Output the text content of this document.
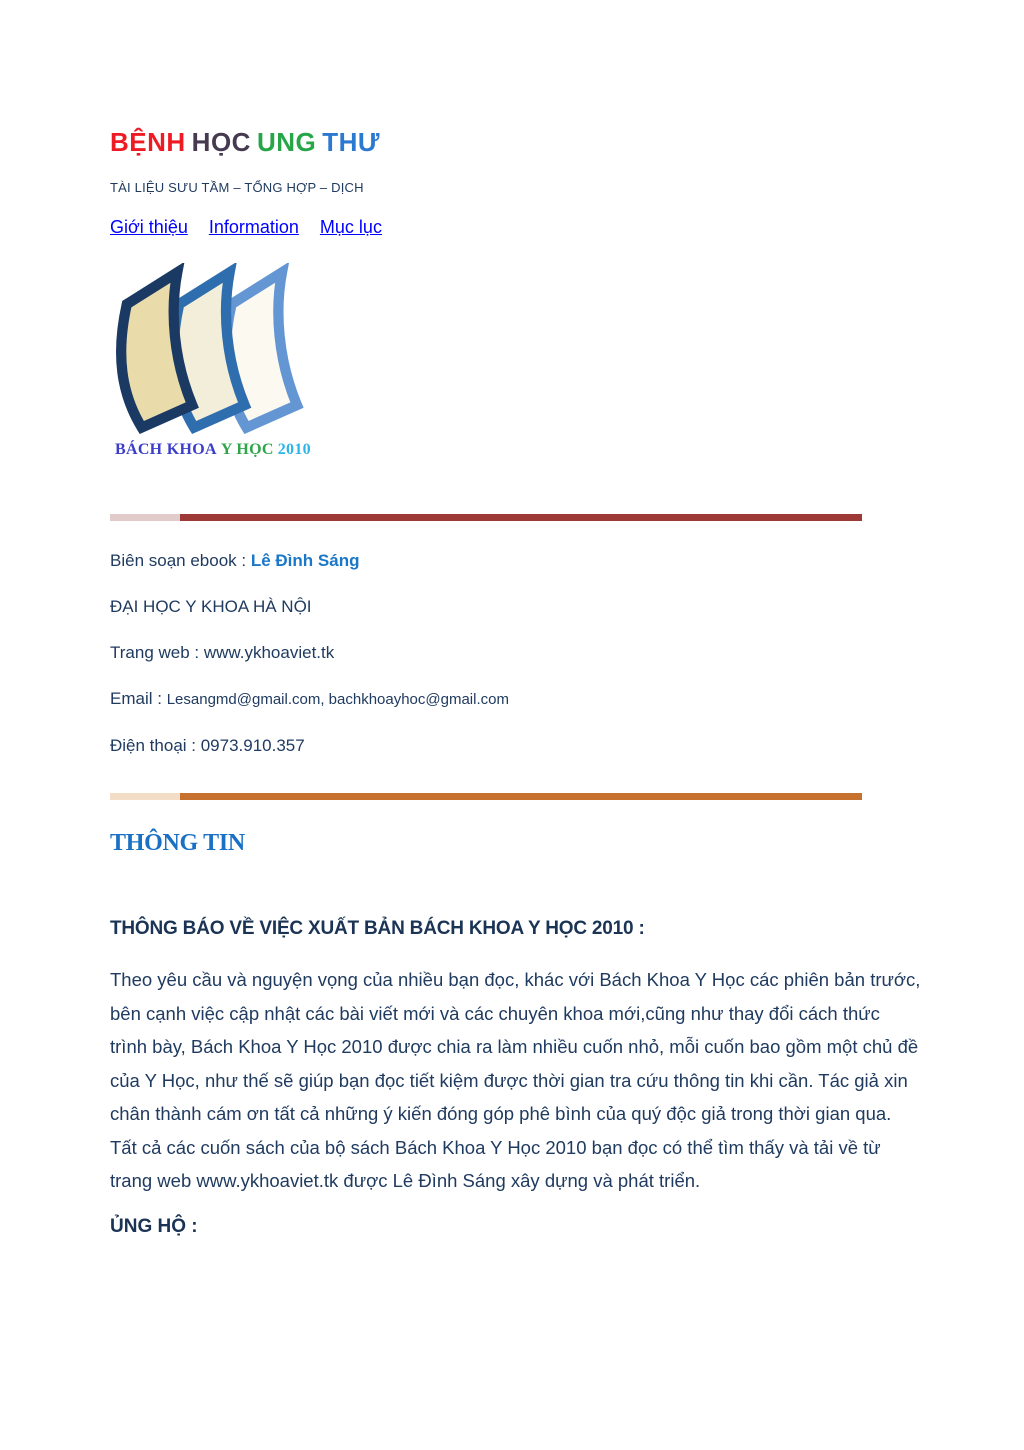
BỆNH HỌC UNG THƯ
TÀI LIỆU SƯU TẦM – TỔNG HỢP – DỊCH
Giới thiệu Information Mục lục
BÁCH KHOA Y HỌC 2010
Biên soạn ebook : Lê Đình Sáng
ĐẠI HỌC Y KHOA HÀ NỘI
Trang web : www.ykhoaviet.tk
Email : Lesangmd@gmail.com, bachkhoayhoc@gmail.com
Điện thoại : 0973.910.357
THÔNG TIN
THÔNG BÁO VỀ VIỆC XUẤT BẢN BÁCH KHOA Y HỌC 2010 :

Theo yêu cầu và nguyện vọng của nhiều bạn đọc, khác với Bách Khoa Y Học các phiên bản trước, bên cạnh việc cập nhật các bài viết mới và các chuyên khoa mới,cũng như thay đổi cách thức trình bày, Bách Khoa Y Học 2010 được chia ra làm nhiều cuốn nhỏ, mỗi cuốn bao gồm một chủ đề của Y Học, như thế sẽ giúp bạn đọc tiết kiệm được thời gian tra cứu thông tin khi cần. Tác giả xin chân thành cám ơn tất cả những ý kiến đóng góp phê bình của quý độc giả trong thời gian qua. Tất cả các cuốn sách của bộ sách Bách Khoa Y Học 2010 bạn đọc có thể tìm thấy và tải về từ trang web www.ykhoaviet.tk được Lê Đình Sáng xây dựng và phát triển.

ỦNG HỘ :
